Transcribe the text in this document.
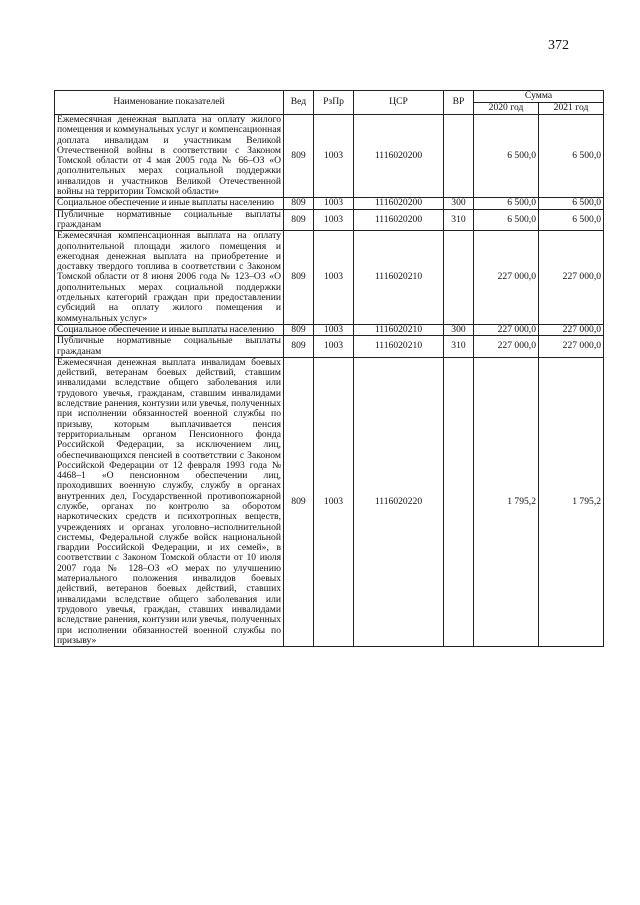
372
Наименование показателей	Вед	РзПр	ЦСР	ВР	Сумма	
					2020 год	2021 год
Ежемесячная денежная выплата на оплату жилого помещения и коммунальных услуг и компенсационная доплата инвалидам и участникам Великой Отечественной войны в соответствии с Законом Томской области от 4 мая 2005 года № 66–ОЗ «О дополнительных мерах социальной поддержки инвалидов и участников Великой Отечественной войны на территории Томской области»	809	1003	1116020200		6 500,0	6 500,0
Социальное обеспечение и иные выплаты населению	809	1003	1116020200	300	6 500,0	6 500,0
Публичные нормативные социальные выплаты гражданам	809	1003	1116020200	310	6 500,0	6 500,0
Ежемесячная компенсационная выплата на оплату дополнительной площади жилого помещения и ежегодная денежная выплата на приобретение и доставку твердого топлива в соответствии с Законом Томской области от 8 июня 2006 года № 123–ОЗ «О дополнительных мерах социальной поддержки отдельных категорий граждан при предоставлении субсидий на оплату жилого помещения и коммунальных услуг»	809	1003	1116020210		227 000,0	227 000,0
Социальное обеспечение и иные выплаты населению	809	1003	1116020210	300	227 000,0	227 000,0
Публичные нормативные социальные выплаты гражданам	809	1003	1116020210	310	227 000,0	227 000,0
Ежемесячная денежная выплата инвалидам боевых действий, ветеранам боевых действий, ставшим инвалидами вследствие общего заболевания или трудового увечья, гражданам, ставшим инвалидами вследствие ранения, контузии или увечья, полученных при исполнении обязанностей военной службы по призыву, которым выплачивается пенсия территориальным органом Пенсионного фонда Российской Федерации, за исключением лиц, обеспечивающихся пенсией в соответствии с Законом Российской Федерации от 12 февраля 1993 года № 4468–1 «О пенсионном обеспечении лиц, проходивших военную службу, службу в органах внутренних дел, Государственной противопожарной службе, органах по контролю за оборотом наркотических средств и психотропных веществ, учреждениях и органах уголовно–исполнительной системы, Федеральной службе войск национальной гвардии Российской Федерации, и их семей», в соответствии с Законом Томской области от 10 июля 2007 года № 128–ОЗ «О мерах по улучшению материального положения инвалидов боевых действий, ветеранов боевых действий, ставших инвалидами вследствие общего заболевания или трудового увечья, граждан, ставших инвалидами вследствие ранения, контузии или увечья, полученных при исполнении обязанностей военной службы по призыву»	809	1003	1116020220		1 795,2	1 795,2
